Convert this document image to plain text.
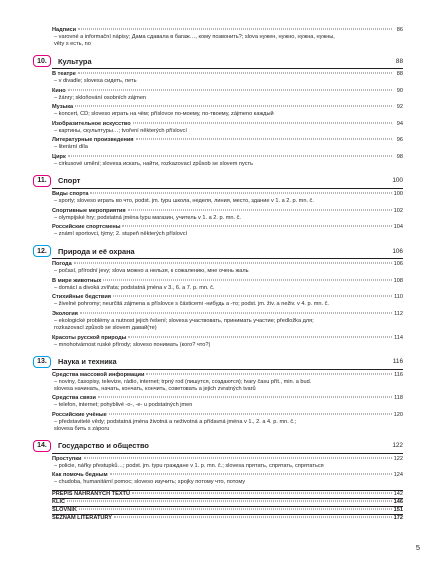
Надписи	86
– varovné a informační nápisy; Дама сдавала в багаж…, кому позвонить?; slova нужен, нужно, нужна, нужны,
věty s есть, no
10.	Культура	88
В театре	88
– v divadle; slovesa сидеть, петь
Кино	90
– žánry; skloňování osobních zájmen
Музыка	92
– koncert, CD; sloveso играть на чём; příslovce по-моему, по-твоему, zájmeno каждый
Изобразительное искусство	94
– картины, скульптуры…; tvoření některých příslovcí
Литературные произведения	96
– literární díla
Цирк	98
– cirkusové umění; slovesa искать, найти, rozkazovací způsob se slovem пусть
11.	Спорт	100
Виды спорта	100
– sporty; sloveso играть во что, podst. jm. typu школа, неделя, линия, место, здание v 1. a 2. p. mn. č.
Спортивные мероприятия	102
– olympijské hry; podstatná jména typu магазин, учитель v 1. a 2. p. mn. č.
Российские спортсмены	104
– známí sportovci, týmy; 2. stupeň některých příslovcí
12.	Природа и её охрана	106
Погода	106
– počasí, přírodní jevy; slova можно а нельзя, к сожалению, мне очень жаль
В мире животных	108
– domácí a divoká zvířata; podstatná jména v 3., 6. a 7. p. mn. č.
Стихийные бедствия	110
– živelné pohromy; neurčitá zájmena a příslovce s částicemi -нибудь a -то; podst. jm. živ. a neživ. v 4. p. mn. č.
Экология	112
– ekologické problémy a nutnost jejich řešení; slovesa участвовать, принимать участие; předložka для;
rozkazovací způsob se slovem давай(те)
Красоты русской природы	114
– mnohotvárnost ruské přírody; sloveso понимать (кого? что?)
13.	Наука и техника	116
Средства массовой информации	116
– noviny, časopisy, televize, rádio, internet; trpný rod (пишутся, создаются); tvary času přít., min. a bud.
slovesa начинать, начать, кончать, кончить, советовать a jejich zvratných tvarů
Средства связи	118
– telefon, internet; pohyblivé -о-, -е- u podstatných jmen
Российские учёные	120
– představitelé vědy; podstatná jména životná a neživotná a přídavná jména v 1., 2. a 4. p. mn. č.;
slovesa бить s záporu
14.	Государство и общество	122
Проступки	122
– policie, nářky přestupků…; podst. jm. typu граждане v 1. p. mn. č.; slovesa прятать, спрятать, спрятаться
Как помочь бедным	124
– chudoba, humanitární pomoc; sloveso изучить; spojky потому что, потому
PŘEPIS NAHRANÝCH TEXTŮ	142
KLÍČ	146
SLOVNÍK	151
SEZNAM LITERATURY	172
5
